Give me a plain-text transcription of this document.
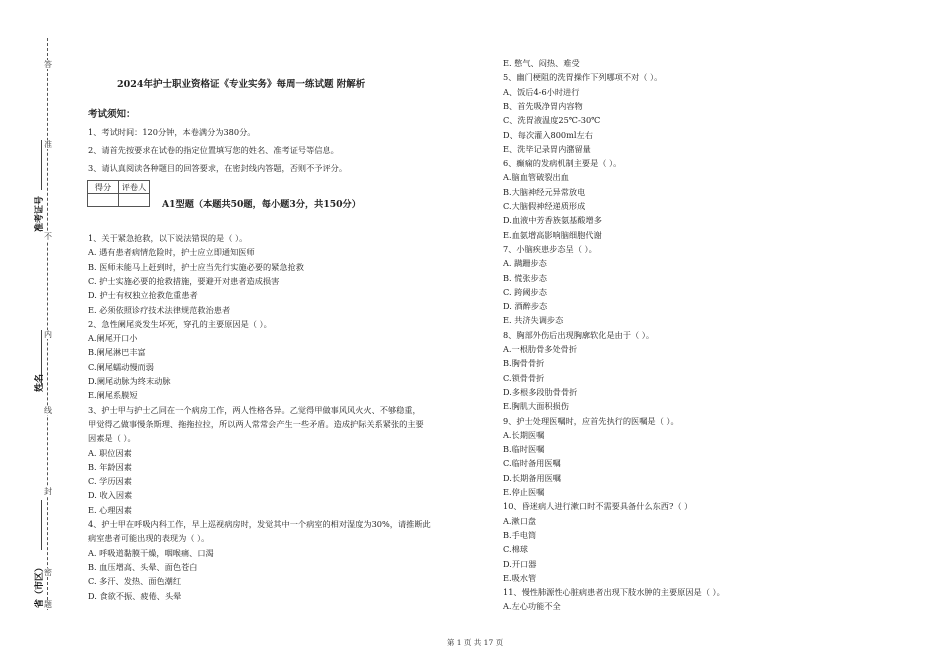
答
准
不
内
线
封
密
题
准考证号
姓名
省（市区）
2024年护士职业资格证《专业实务》每周一练试题 附解析
考试须知：
1、考试时间：120分钟，本卷满分为380分。
2、请首先按要求在试卷的指定位置填写您的姓名、准考证号等信息。
3、请认真阅读各种题目的回答要求，在密封线内答题，否则不予评分。
得分	评卷人

A1型题（本题共50题，每小题3分，共150分）
1、关于紧急抢救，以下说法错误的是（ ）。
A. 遇有患者病情危险时，护士应立即通知医师
B. 医师未能马上赶到时，护士应当先行实施必要的紧急抢救
C. 护士实施必要的抢救措施，要避开对患者造成损害
D. 护士有权独立抢救危重患者
E. 必须依照诊疗技术法律规范救治患者
2、急性阑尾炎发生坏死，穿孔的主要原因是（ ）。
A.阑尾开口小
B.阑尾淋巴丰富
C.阑尾蠕动慢而弱
D.阑尾动脉为终末动脉
E.阑尾系膜短
3、护士甲与护士乙同在一个病房工作，两人性格各异。乙觉得甲做事风风火火、不够稳重，
甲觉得乙做事慢条斯理、拖拖拉拉，所以两人常常会产生一些矛盾。造成护际关系紧张的主要
因素是（ ）。
A. 职位因素
B. 年龄因素
C. 学历因素
D. 收入因素
E. 心理因素
4、护士甲在呼吸内科工作，早上巡视病房时，发觉其中一个病室的相对湿度为30%，请推断此
病室患者可能出现的表现为（ ）。
A. 呼吸道黏膜干燥，咽喉痛、口渴
B. 血压增高、头晕、面色苍白
C. 多汗、发热、面色潮红
D. 食欲不振、疲倦、头晕
E. 憋气、闷热、难受
5、幽门梗阻的洗胃操作下列哪项不对（ ）。
A、饭后4-6小时进行
B、首先吸净胃内容物
C、洗胃液温度25℃-30℃
D、每次灌入800ml左右
E、洗毕记录胃内潴留量
6、癫痫的发病机制主要是（ ）。
A.脑血管破裂出血
B.大脑神经元异常放电
C.大脑假神经递质形成
D.血液中芳香族氨基酸增多
E.血氨增高影响脑细胞代谢
7、小脑疾患步态呈（ ）。
A. 蹒跚步态
B. 慌张步态
C. 跨阈步态
D. 酒醉步态
E. 共济失调步态
8、胸部外伤后出现胸廓软化是由于（ ）。
A.一根肋骨多处骨折
B.胸骨骨折
C.锁骨骨折
D.多根多段肋骨骨折
E.胸肌大面积损伤
9、护士处理医嘱时，应首先执行的医嘱是（ ）。
A.长期医嘱
B.临时医嘱
C.临时备用医嘱
D.长期备用医嘱
E.停止医嘱
10、昏迷病人进行漱口时不需要具备什么东西?（ ）
A.漱口盘
B.手电筒
C.棉球
D.开口器
E.吸水管
11、慢性肺源性心脏病患者出现下肢水肿的主要原因是（ ）。
A.左心功能不全
第 1 页 共 17 页
